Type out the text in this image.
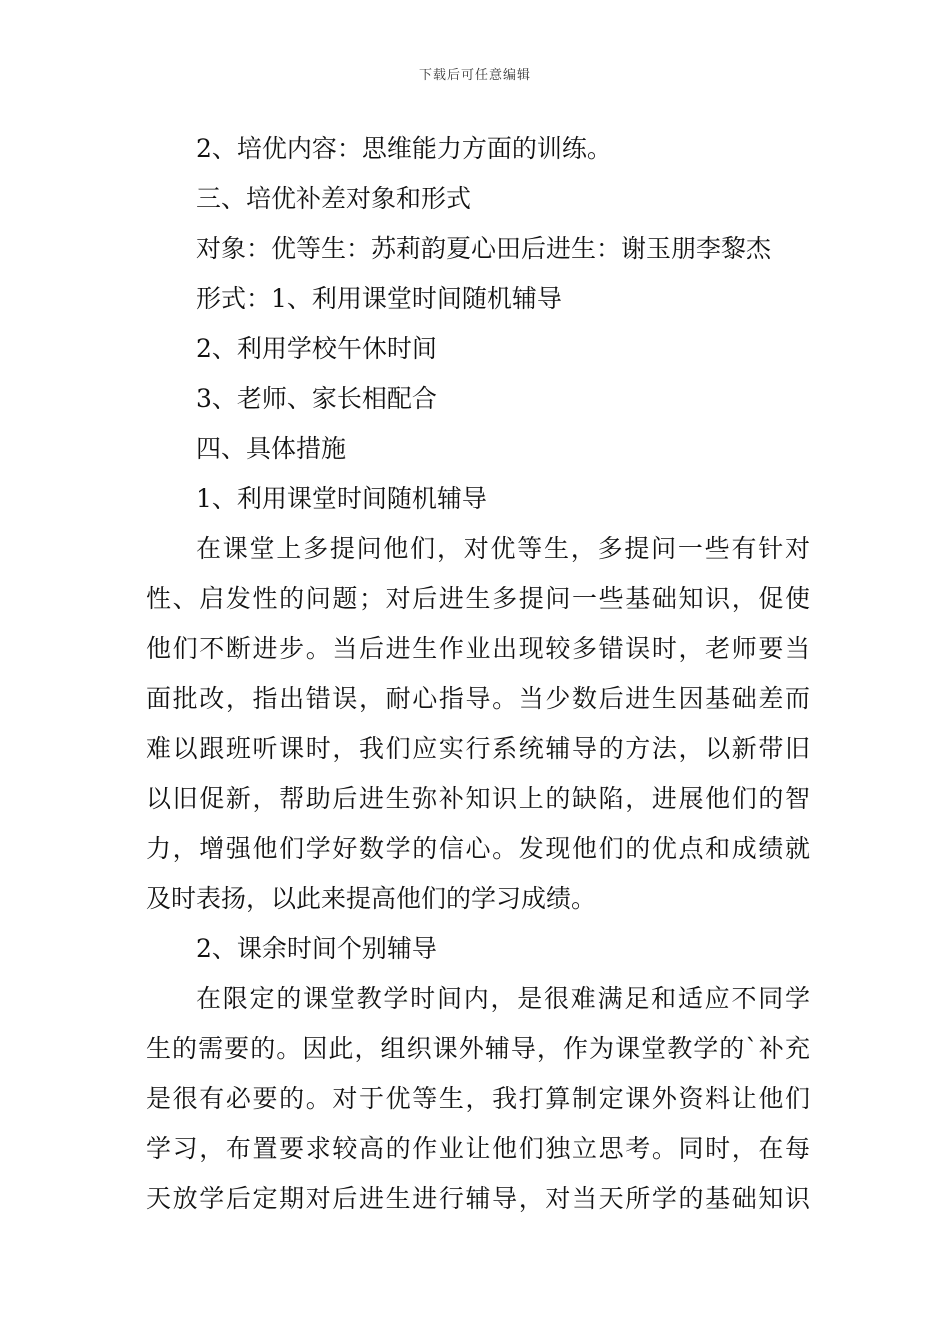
下载后可任意编辑
2、培优内容：思维能力方面的训练。
三、培优补差对象和形式
对象：优等生：苏莉韵夏心田后进生：谢玉朋李黎杰
形式：1、利用课堂时间随机辅导
2、利用学校午休时间
3、老师、家长相配合
四、具体措施
1、利用课堂时间随机辅导
在课堂上多提问他们，对优等生，多提问一些有针对
性、启发性的问题；对后进生多提问一些基础知识，促使
他们不断进步。当后进生作业出现较多错误时，老师要当
面批改，指出错误，耐心指导。当少数后进生因基础差而
难以跟班听课时，我们应实行系统辅导的方法，以新带旧
以旧促新，帮助后进生弥补知识上的缺陷，进展他们的智
力，增强他们学好数学的信心。发现他们的优点和成绩就
及时表扬，以此来提高他们的学习成绩。
2、课余时间个别辅导
在限定的课堂教学时间内，是很难满足和适应不同学
生的需要的。因此，组织课外辅导，作为课堂教学的`补充
是很有必要的。对于优等生，我打算制定课外资料让他们
学习，布置要求较高的作业让他们独立思考。同时，在每
天放学后定期对后进生进行辅导，对当天所学的基础知识
